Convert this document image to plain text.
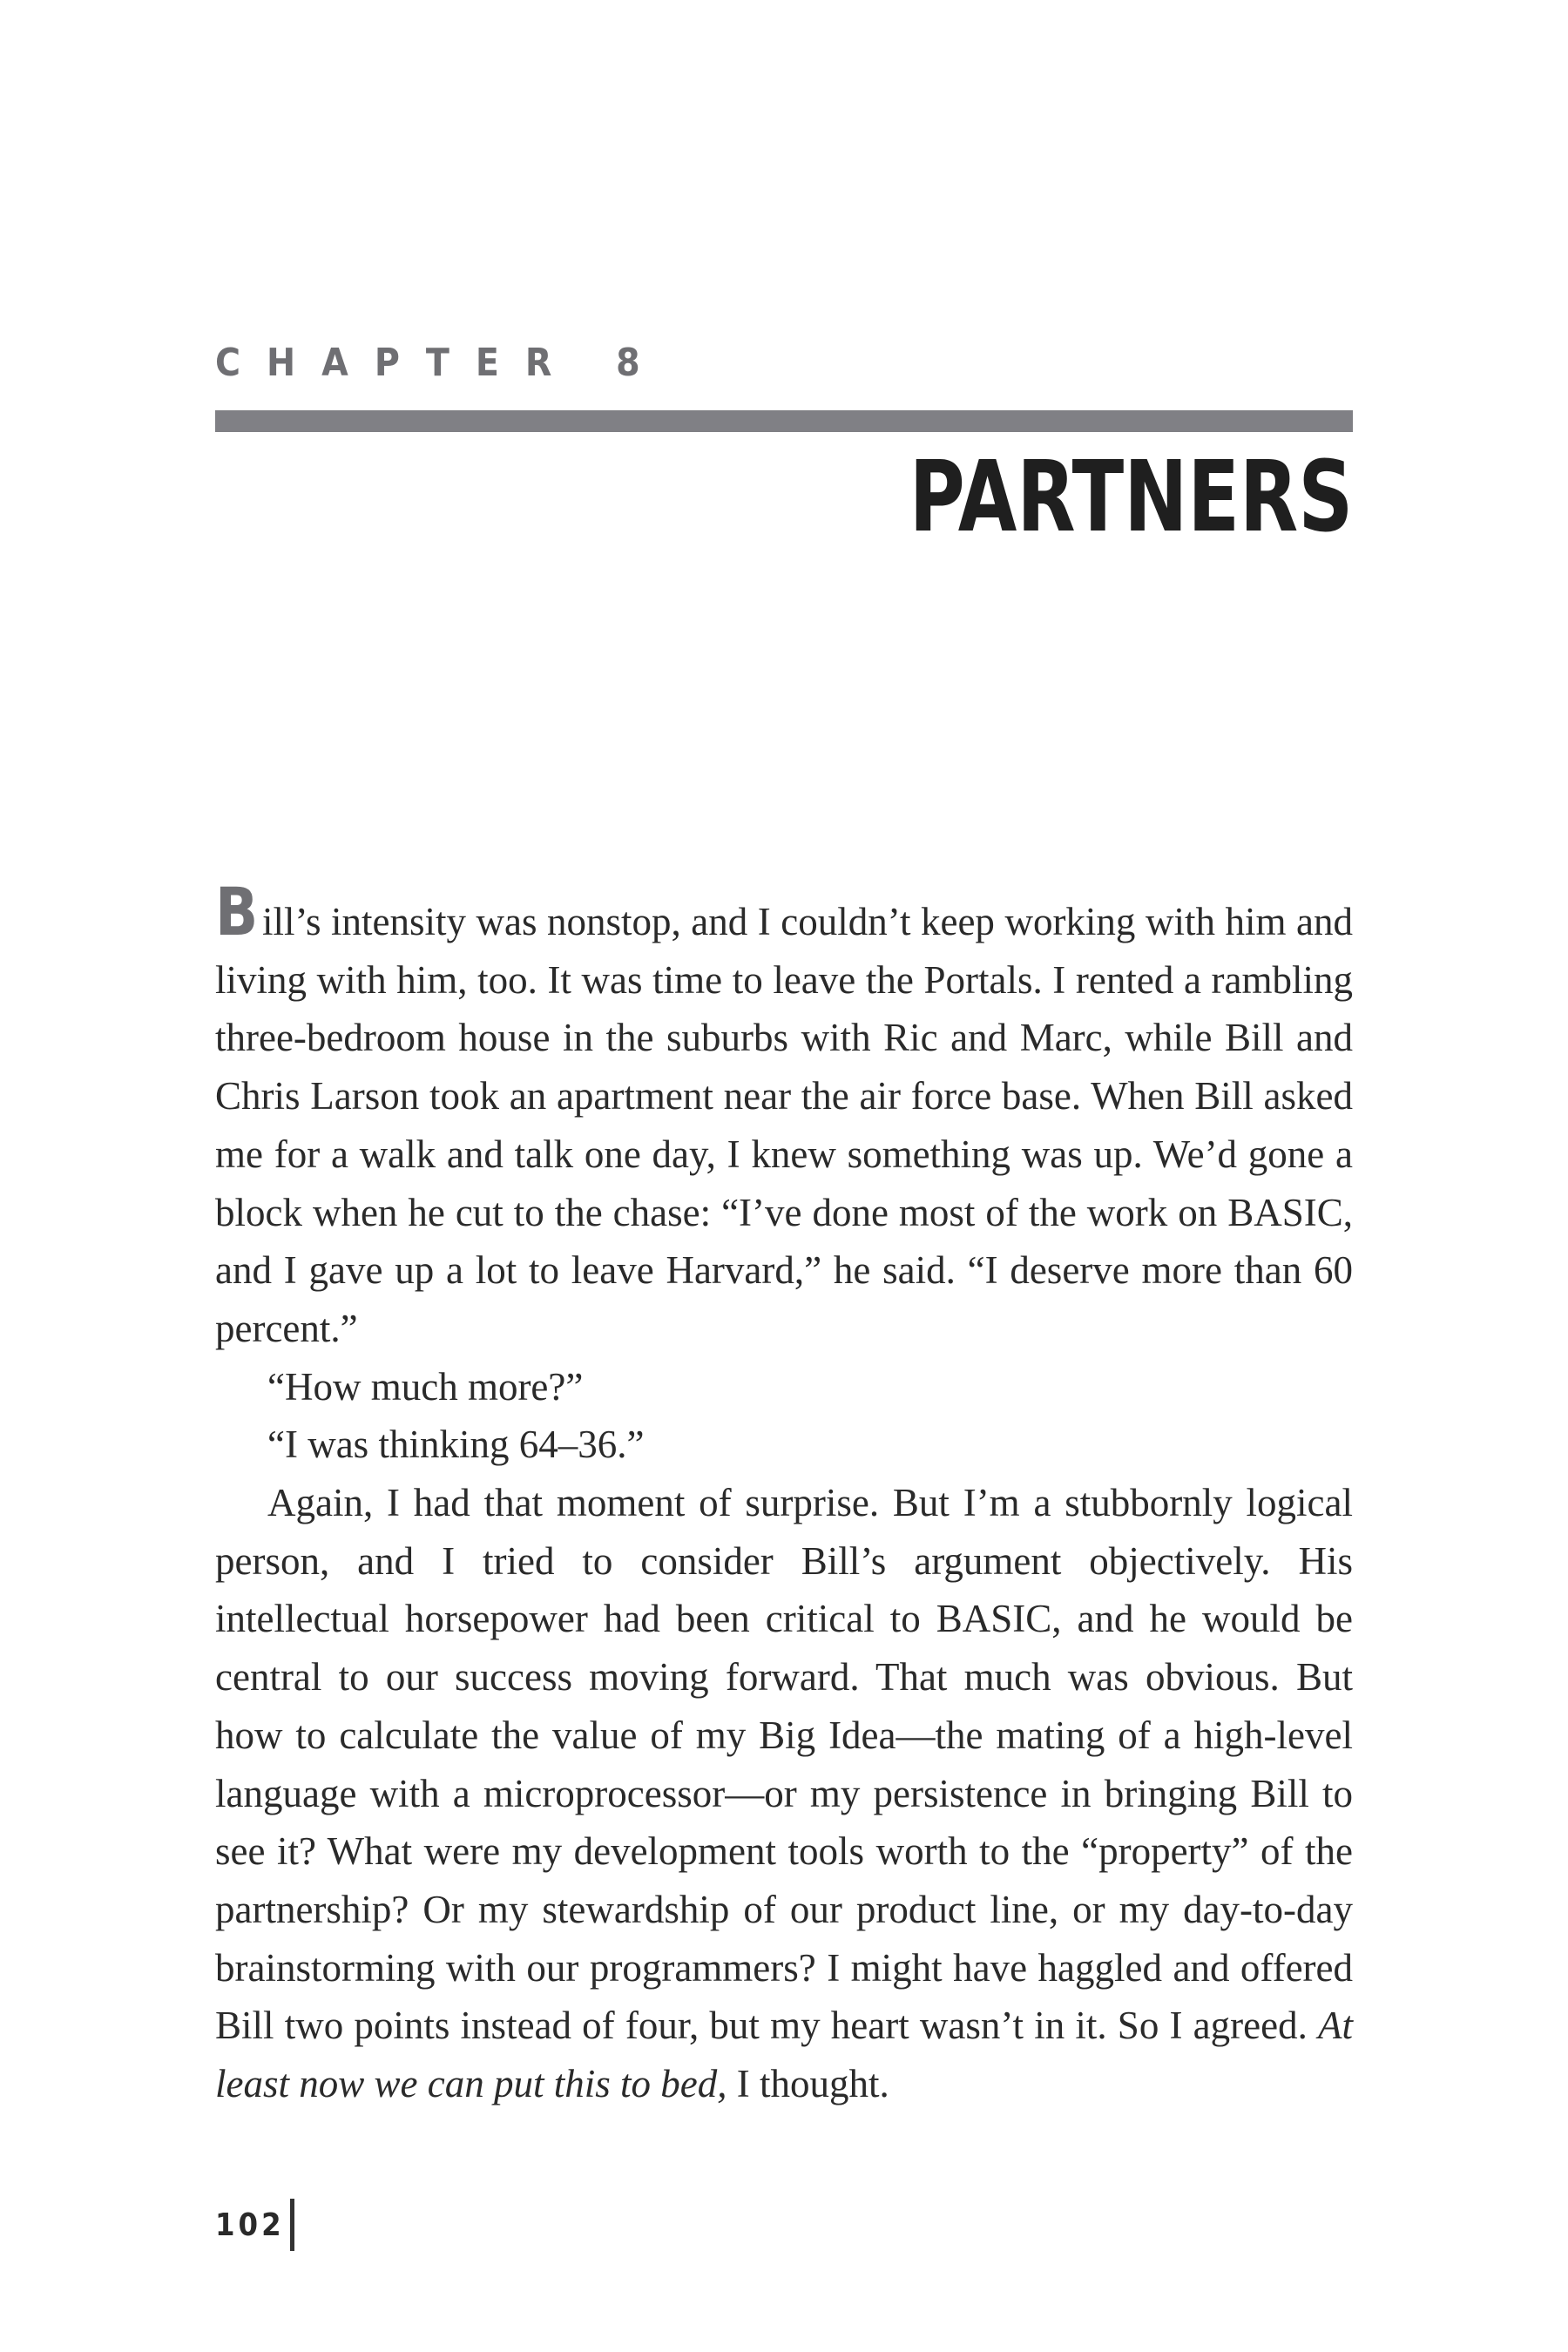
CHAPTER 8
PARTNERS

Bill’s intensity was nonstop, and I couldn’t keep working with him and living with him, too. It was time to leave the Portals. I rented a rambling three-bedroom house in the suburbs with Ric and Marc, while Bill and Chris Larson took an apartment near the air force base. When Bill asked me for a walk and talk one day, I knew something was up. We’d gone a block when he cut to the chase: “I’ve done most of the work on BASIC, and I gave up a lot to leave Harvard,” he said. “I deserve more than 60 percent.”

“How much more?”

“I was thinking 64–36.”

Again, I had that moment of surprise. But I’m a stubbornly logical person, and I tried to consider Bill’s argument objectively. His intellectual horsepower had been critical to BASIC, and he would be central to our success moving forward. That much was obvious. But how to calculate the value of my Big Idea—the mating of a high-level language with a microprocessor—or my persistence in bringing Bill to see it? What were my development tools worth to the “property” of the partnership? Or my stewardship of our product line, or my day-to-day brainstorming with our programmers? I might have haggled and offered Bill two points instead of four, but my heart wasn’t in it. So I agreed. At least now we can put this to bed, I thought.

102
